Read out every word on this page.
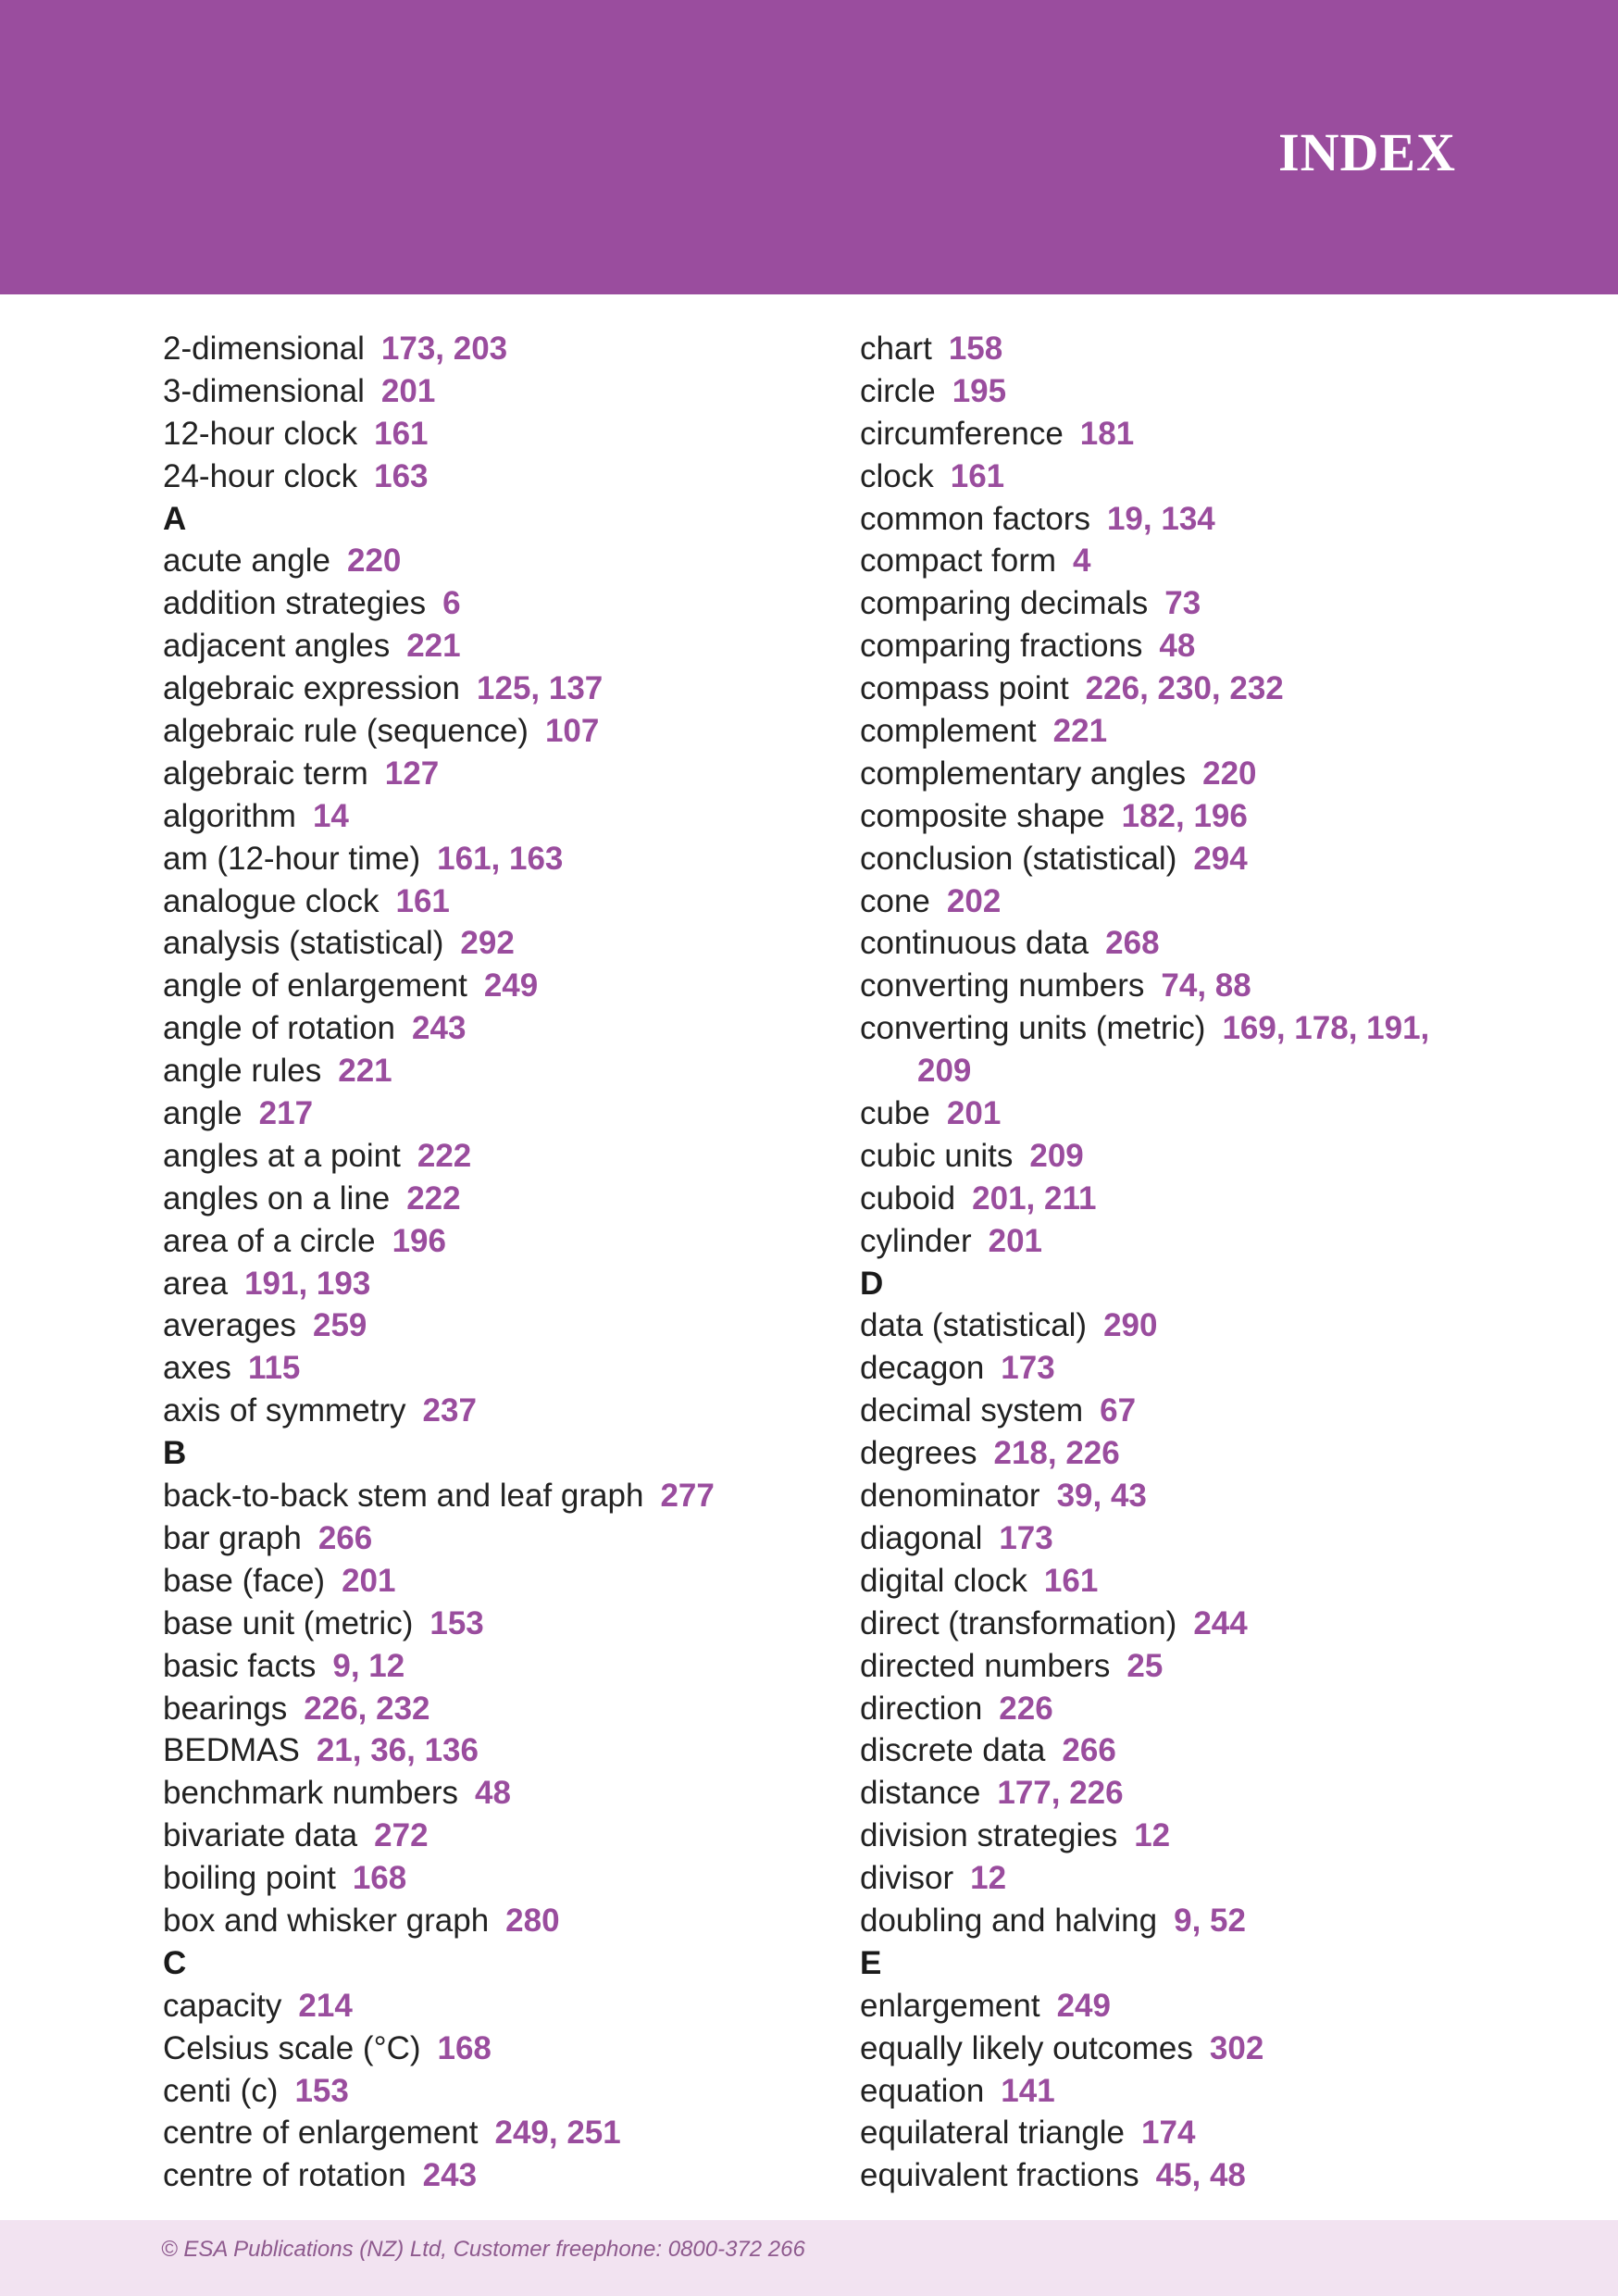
INDEX
2-dimensional 173, 203
3-dimensional 201
12-hour clock 161
24-hour clock 163
A
acute angle 220
addition strategies 6
adjacent angles 221
algebraic expression 125, 137
algebraic rule (sequence) 107
algebraic term 127
algorithm 14
am (12-hour time) 161, 163
analogue clock 161
analysis (statistical) 292
angle of enlargement 249
angle of rotation 243
angle rules 221
angle 217
angles at a point 222
angles on a line 222
area of a circle 196
area 191, 193
averages 259
axes 115
axis of symmetry 237
B
back-to-back stem and leaf graph 277
bar graph 266
base (face) 201
base unit (metric) 153
basic facts 9, 12
bearings 226, 232
BEDMAS 21, 36, 136
benchmark numbers 48
bivariate data 272
boiling point 168
box and whisker graph 280
C
capacity 214
Celsius scale (°C) 168
centi (c) 153
centre of enlargement 249, 251
centre of rotation 243
chart 158
circle 195
circumference 181
clock 161
common factors 19, 134
compact form 4
comparing decimals 73
comparing fractions 48
compass point 226, 230, 232
complement 221
complementary angles 220
composite shape 182, 196
conclusion (statistical) 294
cone 202
continuous data 268
converting numbers 74, 88
converting units (metric) 169, 178, 191,
209
cube 201
cubic units 209
cuboid 201, 211
cylinder 201
D
data (statistical) 290
decagon 173
decimal system 67
degrees 218, 226
denominator 39, 43
diagonal 173
digital clock 161
direct (transformation) 244
directed numbers 25
direction 226
discrete data 266
distance 177, 226
division strategies 12
divisor 12
doubling and halving 9, 52
E
enlargement 249
equally likely outcomes 302
equation 141
equilateral triangle 174
equivalent fractions 45, 48

© ESA Publications (NZ) Ltd, Customer freephone: 0800-372 266
